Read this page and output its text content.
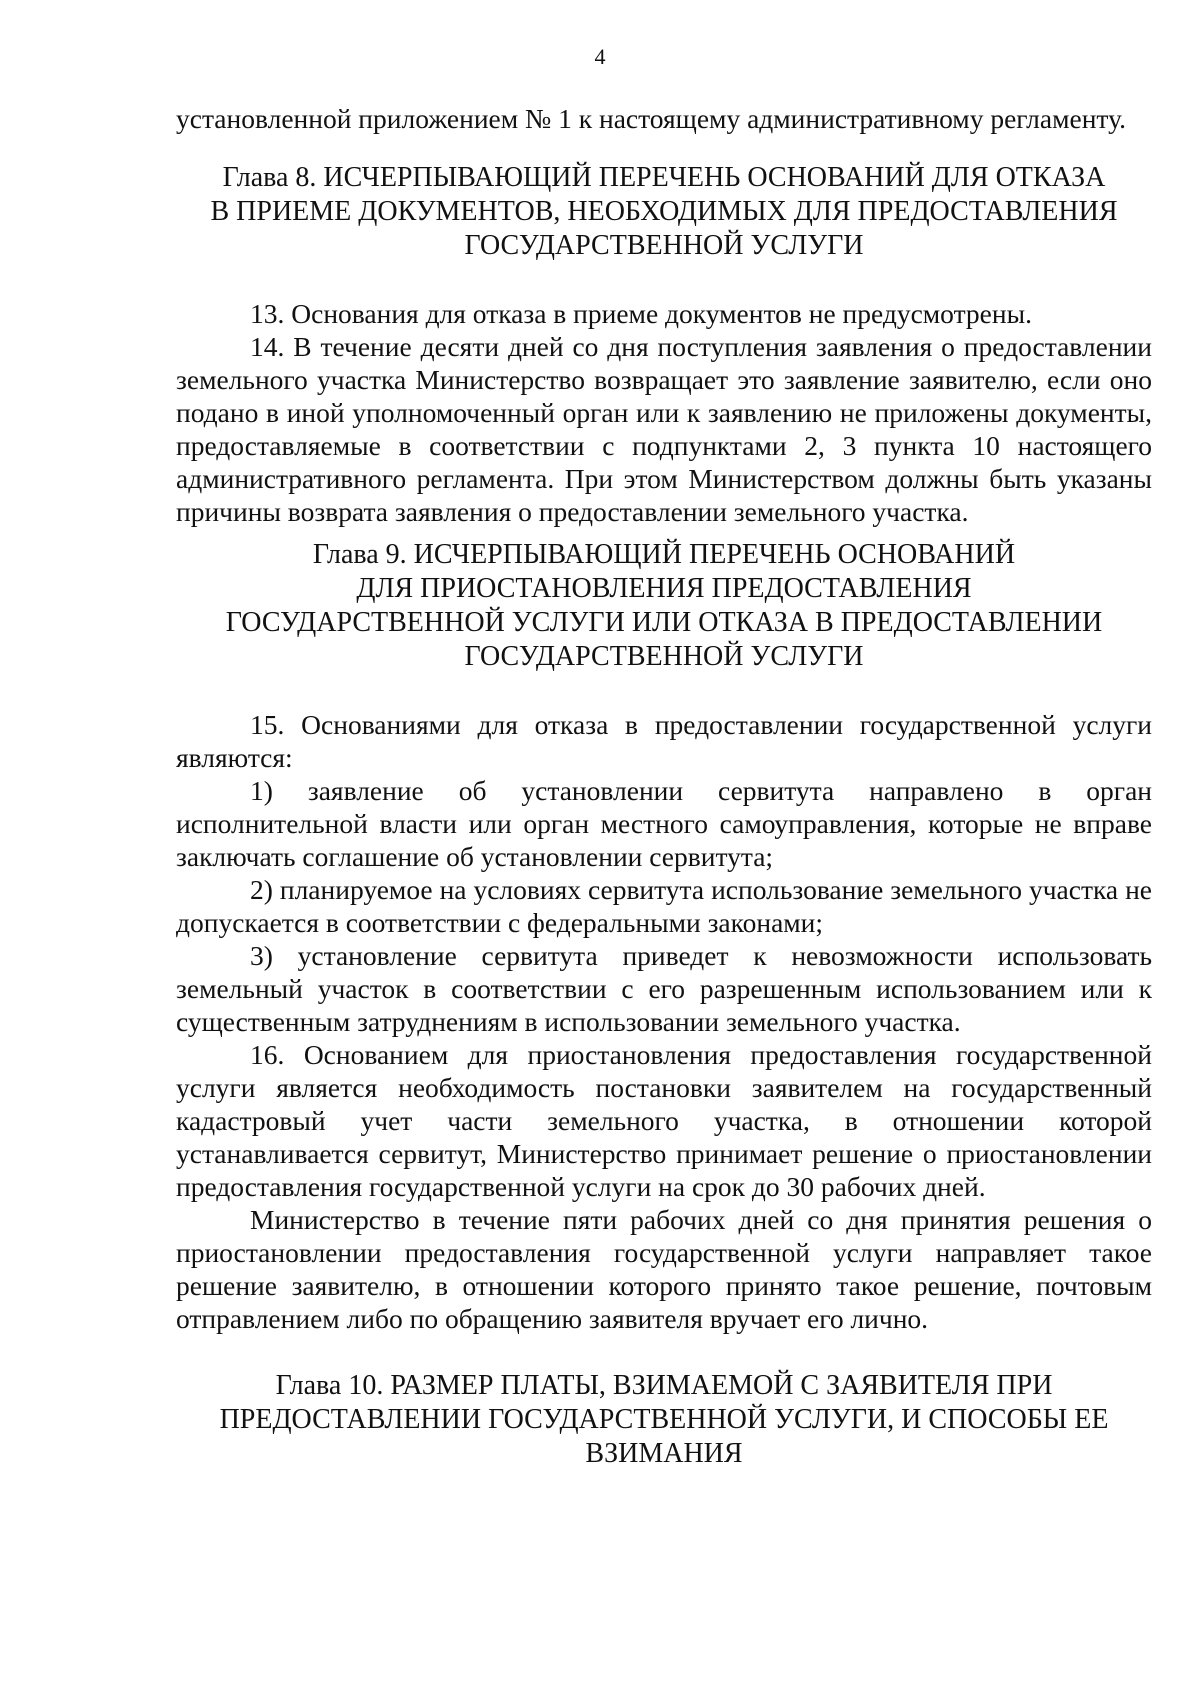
4

установленной приложением № 1 к настоящему административному регламенту.

Глава 8. ИСЧЕРПЫВАЮЩИЙ ПЕРЕЧЕНЬ ОСНОВАНИЙ ДЛЯ ОТКАЗА
В ПРИЕМЕ ДОКУМЕНТОВ, НЕОБХОДИМЫХ ДЛЯ ПРЕДОСТАВЛЕНИЯ
ГОСУДАРСТВЕННОЙ УСЛУГИ

13. Основания для отказа в приеме документов не предусмотрены.

14. В течение десяти дней со дня поступления заявления о предоставлении земельного участка Министерство возвращает это заявление заявителю, если оно подано в иной уполномоченный орган или к заявлению не приложены документы, предоставляемые в соответствии с подпунктами 2, 3 пункта 10 настоящего административного регламента. При этом Министерством должны быть указаны причины возврата заявления о предоставлении земельного участка.

Глава 9. ИСЧЕРПЫВАЮЩИЙ ПЕРЕЧЕНЬ ОСНОВАНИЙ
ДЛЯ ПРИОСТАНОВЛЕНИЯ ПРЕДОСТАВЛЕНИЯ
ГОСУДАРСТВЕННОЙ УСЛУГИ ИЛИ ОТКАЗА В ПРЕДОСТАВЛЕНИИ
ГОСУДАРСТВЕННОЙ УСЛУГИ

15. Основаниями для отказа в предоставлении государственной услуги являются:

1) заявление об установлении сервитута направлено в орган исполнительной власти или орган местного самоуправления, которые не вправе заключать соглашение об установлении сервитута;

2) планируемое на условиях сервитута использование земельного участка не допускается в соответствии с федеральными законами;

3) установление сервитута приведет к невозможности использовать земельный участок в соответствии с его разрешенным использованием или к существенным затруднениям в использовании земельного участка.

16. Основанием для приостановления предоставления государственной услуги является необходимость постановки заявителем на государственный кадастровый учет части земельного участка, в отношении которой устанавливается сервитут, Министерство принимает решение о приостановлении предоставления государственной услуги на срок до 30 рабочих дней.

Министерство в течение пяти рабочих дней со дня принятия решения о приостановлении предоставления государственной услуги направляет такое решение заявителю, в отношении которого принято такое решение, почтовым отправлением либо по обращению заявителя вручает его лично.

Глава 10. РАЗМЕР ПЛАТЫ, ВЗИМАЕМОЙ С ЗАЯВИТЕЛЯ ПРИ
ПРЕДОСТАВЛЕНИИ ГОСУДАРСТВЕННОЙ УСЛУГИ, И СПОСОБЫ ЕЕ
ВЗИМАНИЯ
